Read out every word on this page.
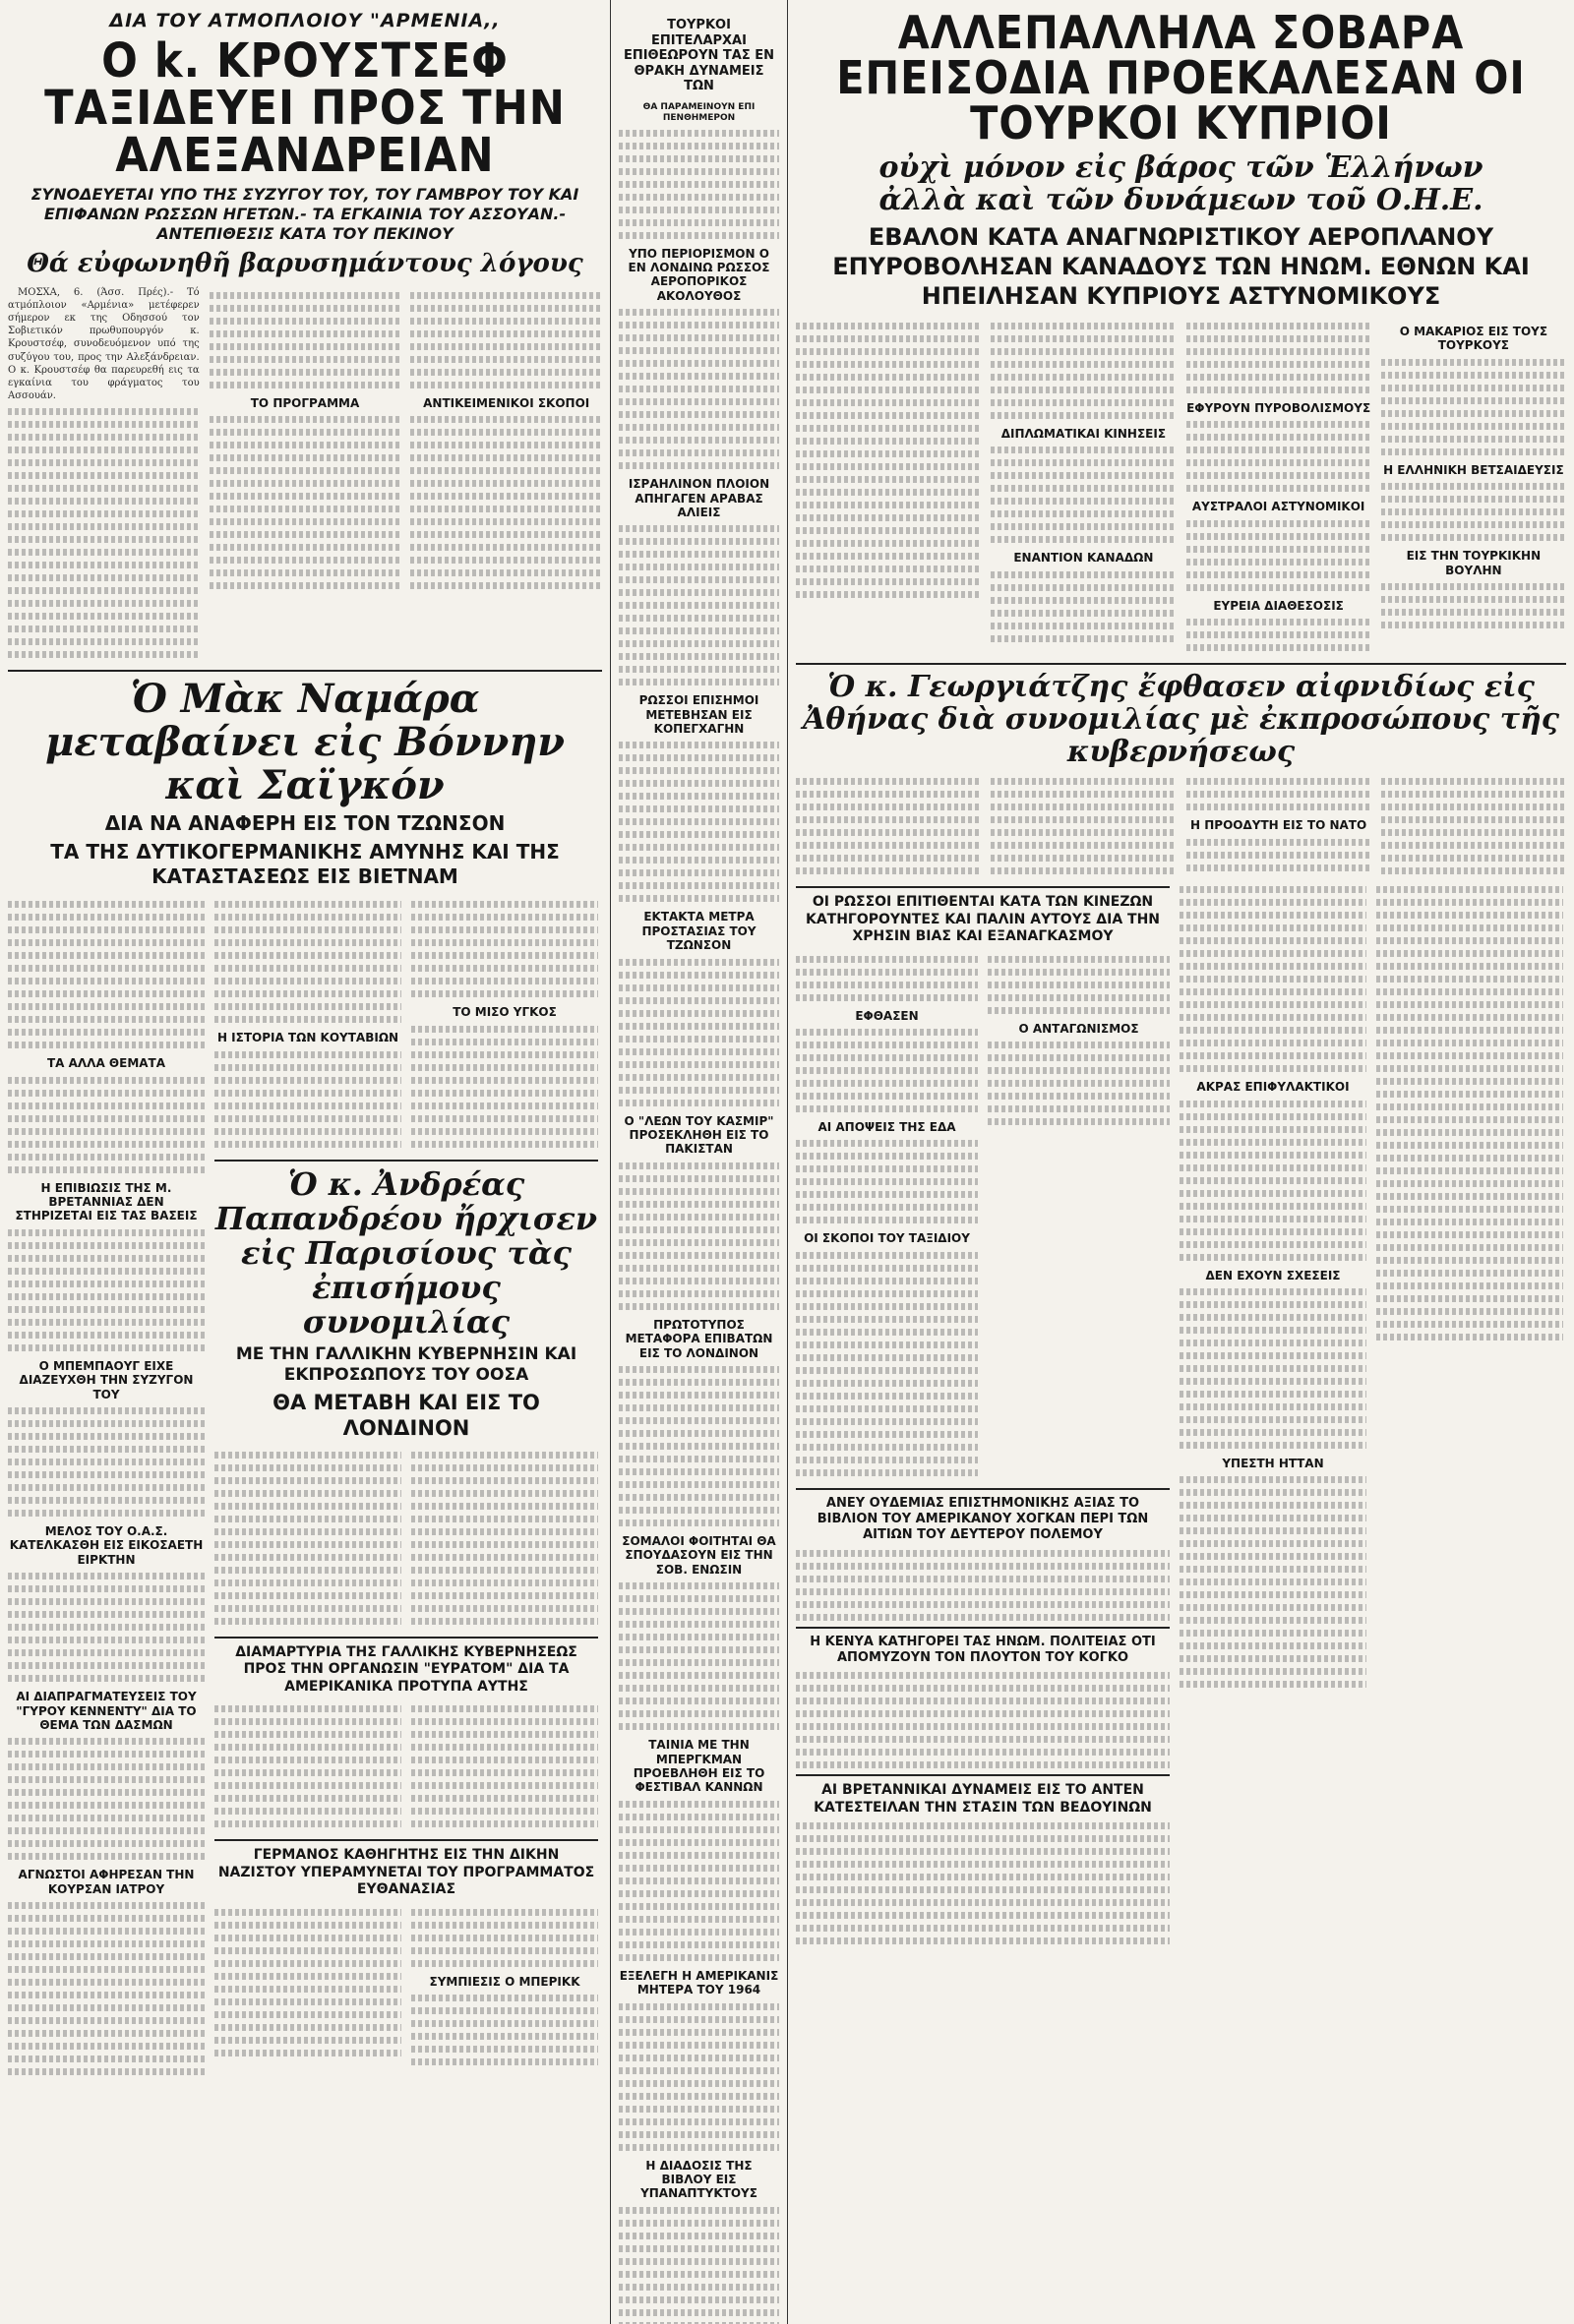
ΔΙΑ ΤΟΥ ΑΤΜΟΠΛΟΙΟΥ "ΑΡΜΕΝΙΑ,,
Ο k. ΚΡΟΥΣΤΣΕΦ ΤΑΞΙΔΕΥΕΙ ΠΡΟΣ ΤΗΝ ΑΛΕΞΑΝΔΡΕΙΑΝ
ΣΥΝΟΔΕΥΕΤΑΙ ΥΠΟ ΤΗΣ ΣΥΖΥΓΟΥ ΤΟΥ, ΤΟΥ ΓΑΜΒΡΟΥ ΤΟΥ ΚΑΙ ΕΠΙΦΑΝΩΝ ΡΩΣΣΩΝ ΗΓΕΤΩΝ.- ΤΑ ΕΓΚΑΙΝΙΑ ΤΟΥ ΑΣΣΟΥΑΝ.- ΑΝΤΕΠΙΘΕΣΙΣ ΚΑΤΑ ΤΟΥ ΠΕΚΙΝΟΥ
Θά εὐφωνηθῆ βαρυσημάντους λόγους

ΜΟΣΧΑ, 6. (Άσσ. Πρές).- Τό ατμόπλοιον «Αρμένια» μετέφερεν σήμερον εκ της Οδησσού τον Σοβιετικόν πρωθυπουργόν κ. Κρουστσέφ, συνοδευόμενον υπό της συζύγου του, προς την Αλεξάνδρειαν. Ο κ. Κρουστσέφ θα παρευρεθή εις τα εγκαίνια του φράγματος του Ασσουάν.	ΤΟ ΠΡΟΓΡΑΜΜΑ	ΑΝΤΙΚΕΙΜΕΝΙΚΟΙ ΣΚΟΠΟΙ
Ὁ Μὰκ Ναμάρα μεταβαίνει εἰς Βόννην καὶ Σαϊγκόν
ΔΙΑ ΝΑ ΑΝΑΦΕΡΗ ΕΙΣ ΤΟΝ ΤΖΩΝΣΟΝ
ΤΑ ΤΗΣ ΔΥΤΙΚΟΓΕΡΜΑΝΙΚΗΣ ΑΜΥΝΗΣ ΚΑΙ ΤΗΣ ΚΑΤΑΣΤΑΣΕΩΣ ΕΙΣ ΒΙΕΤΝΑΜ
ΤΑ ΑΛΛΑ ΘΕΜΑΤΑ
Η ΕΠΙΒΙΩΣΙΣ ΤΗΣ Μ. ΒΡΕΤΑΝΝΙΑΣ ΔΕΝ ΣΤΗΡΙΖΕΤΑΙ ΕΙΣ ΤΑΣ ΒΑΣΕΙΣ
Ο ΜΠΕΜΠΑΟΥΓ ΕΙΧΕ ΔΙΑΖΕΥΧΘΗ ΤΗΝ ΣΥΖΥΓΟΝ ΤΟΥ
ΜΕΛΟΣ ΤΟΥ Ο.Α.Σ. ΚΑΤΕΛΚΑΣΘΗ ΕΙΣ ΕΙΚΟΣΑΕΤΗ ΕΙΡΚΤΗΝ
ΑΙ ΔΙΑΠΡΑΓΜΑΤΕΥΣΕΙΣ ΤΟΥ "ΓΥΡΟΥ ΚΕΝΝΕΝΤΥ" ΔΙΑ ΤΟ ΘΕΜΑ ΤΩΝ ΔΑΣΜΩΝ
ΑΓΝΩΣΤΟΙ ΑΦΗΡΕΣΑΝ ΤΗΝ ΚΟΥΡΣΑΝ ΙΑΤΡΟΥ
Η ΙΣΤΟΡΙΑ ΤΩΝ ΚΟΥΤΑΒΙΩΝ
ΤΟ ΜΙΣΟ ΥΓΚΟΣ
Ὁ κ. Ἀνδρέας Παπανδρέου ἤρχισεν εἰς Παρισίους τὰς ἐπισήμους συνομιλίας
ΜΕ ΤΗΝ ΓΑΛΛΙΚΗΝ ΚΥΒΕΡΝΗΣΙΝ ΚΑΙ ΕΚΠΡΟΣΩΠΟΥΣ ΤΟΥ ΟΟΣΑ
ΘΑ ΜΕΤΑΒΗ ΚΑΙ ΕΙΣ ΤΟ ΛΟΝΔΙΝΟΝ
ΔΙΑΜΑΡΤΥΡΙΑ ΤΗΣ ΓΑΛΛΙΚΗΣ ΚΥΒΕΡΝΗΣΕΩΣ ΠΡΟΣ ΤΗΝ ΟΡΓΑΝΩΣΙΝ "ΕΥΡΑΤΟΜ" ΔΙΑ ΤΑ ΑΜΕΡΙΚΑΝΙΚΑ ΠΡΟΤΥΠΑ ΑΥΤΗΣ
ΓΕΡΜΑΝΟΣ ΚΑΘΗΓΗΤΗΣ ΕΙΣ ΤΗΝ ΔΙΚΗΝ ΝΑΖΙΣΤΟΥ ΥΠΕΡΑΜΥΝΕΤΑΙ ΤΟΥ ΠΡΟΓΡΑΜΜΑΤΟΣ ΕΥΘΑΝΑΣΙΑΣ
ΣΥΜΠΙΕΣΙΣ Ο ΜΠΕΡΙΚΚ
ΤΟΥΡΚΟΙ ΕΠΙΤΕΛΑΡΧΑΙ ΕΠΙΘΕΩΡΟΥΝ ΤΑΣ ΕΝ ΘΡΑΚΗ ΔΥΝΑΜΕΙΣ ΤΩΝ
ΘΑ ΠΑΡΑΜΕΙΝΟΥΝ ΕΠΙ ΠΕΝΘΗΜΕΡΟΝ
ΥΠΟ ΠΕΡΙΟΡΙΣΜΟΝ Ο ΕΝ ΛΟΝΔΙΝΩ ΡΩΣΣΟΣ ΑΕΡΟΠΟΡΙΚΟΣ ΑΚΟΛΟΥΘΟΣ
ΙΣΡΑΗΛΙΝΟΝ ΠΛΟΙΟΝ ΑΠΗΓΑΓΕΝ ΑΡΑΒΑΣ ΑΛΙΕΙΣ
ΡΩΣΣΟΙ ΕΠΙΣΗΜΟΙ ΜΕΤΕΒΗΣΑΝ ΕΙΣ ΚΟΠΕΓΧΑΓΗΝ
ΕΚΤΑΚΤΑ ΜΕΤΡΑ ΠΡΟΣΤΑΣΙΑΣ ΤΟΥ ΤΖΩΝΣΟΝ
Ο "ΛΕΩΝ ΤΟΥ ΚΑΣΜΙΡ" ΠΡΟΣΕΚΛΗΘΗ ΕΙΣ ΤΟ ΠΑΚΙΣΤΑΝ
ΠΡΩΤΟΤΥΠΟΣ ΜΕΤΑΦΟΡΑ ΕΠΙΒΑΤΩΝ ΕΙΣ ΤΟ ΛΟΝΔΙΝΟΝ
ΣΟΜΑΛΟΙ ΦΟΙΤΗΤΑΙ ΘΑ ΣΠΟΥΔΑΣΟΥΝ ΕΙΣ ΤΗΝ ΣΟΒ. ΕΝΩΣΙΝ
ΤΑΙΝΙΑ ΜΕ ΤΗΝ ΜΠΕΡΓΚΜΑΝ ΠΡΟΕΒΛΗΘΗ ΕΙΣ ΤΟ ΦΕΣΤΙΒΑΛ ΚΑΝΝΩΝ
ΕΞΕΛΕΓΗ Η ΑΜΕΡΙΚΑΝΙΣ ΜΗΤΕΡΑ ΤΟΥ 1964
Η ΔΙΑΔΟΣΙΣ ΤΗΣ ΒΙΒΛΟΥ ΕΙΣ ΥΠΑΝΑΠΤΥΚΤΟΥΣ
ΑΛΛΕΠΑΛΛΗΛΑ ΣΟΒΑΡΑ ΕΠΕΙΣΟΔΙΑ ΠΡΟΕΚΑΛΕΣΑΝ ΟΙ ΤΟΥΡΚΟΙ ΚΥΠΡΙΟΙ
οὐχὶ μόνον εἰς βάρος τῶν Ἑλλήνων
ἀλλὰ καὶ τῶν δυνάμεων τοῦ Ο.Η.Ε.
ΕΒΑΛΟΝ ΚΑΤΑ ΑΝΑΓΝΩΡΙΣΤΙΚΟΥ ΑΕΡΟΠΛΑΝΟΥ ΕΠΥΡΟΒΟΛΗΣΑΝ ΚΑΝΑΔΟΥΣ ΤΩΝ ΗΝΩΜ. ΕΘΝΩΝ ΚΑΙ ΗΠΕΙΛΗΣΑΝ ΚΥΠΡΙΟΥΣ ΑΣΤΥΝΟΜΙΚΟΥΣ
ΔΙΠΛΩΜΑΤΙΚΑΙ ΚΙΝΗΣΕΙΣ
ΕΝΑΝΤΙΟΝ ΚΑΝΑΔΩΝ
ΕΦΥΡΟΥΝ ΠΥΡΟΒΟΛΙΣΜΟΥΣ
ΑΥΣΤΡΑΛΟΙ ΑΣΤΥΝΟΜΙΚΟΙ
ΕΥΡΕΙΑ ΔΙΑΘΕΣΟΣΙΣ
Ο ΜΑΚΑΡΙΟΣ ΕΙΣ ΤΟΥΣ ΤΟΥΡΚΟΥΣ
Η ΕΛΛΗΝΙΚΗ ΒΕΤΣΑΙΔΕΥΣΙΣ
ΕΙΣ ΤΗΝ ΤΟΥΡΚΙΚΗΝ ΒΟΥΛΗΝ
Ὁ κ. Γεωργιάτζης ἔφθασεν αἰφνιδίως εἰς Ἀθήνας διὰ συνομιλίας μὲ ἐκπροσώπους τῆς κυβερνήσεως
Η ΠΡΟΟΔΥΤΗ ΕΙΣ ΤΟ ΝΑΤΟ
ΟΙ ΡΩΣΣΟΙ ΕΠΙΤΙΘΕΝΤΑΙ ΚΑΤΑ ΤΩΝ ΚΙΝΕΖΩΝ ΚΑΤΗΓΟΡΟΥΝΤΕΣ ΚΑΙ ΠΑΛΙΝ ΑΥΤΟΥΣ ΔΙΑ ΤΗΝ ΧΡΗΣΙΝ ΒΙΑΣ ΚΑΙ ΕΞΑΝΑΓΚΑΣΜΟΥ
ΕΦΘΑΣΕΝ
ΑΙ ΑΠΟΨΕΙΣ ΤΗΣ ΕΔΑ
ΟΙ ΣΚΟΠΟΙ ΤΟΥ ΤΑΞΙΔΙΟΥ
Ο ΑΝΤΑΓΩΝΙΣΜΟΣ
ΑΝΕΥ ΟΥΔΕΜΙΑΣ ΕΠΙΣΤΗΜΟΝΙΚΗΣ ΑΞΙΑΣ ΤΟ ΒΙΒΛΙΟΝ ΤΟΥ ΑΜΕΡΙΚΑΝΟΥ ΧΟΓΚΑΝ ΠΕΡΙ ΤΩΝ ΑΙΤΙΩΝ ΤΟΥ ΔΕΥΤΕΡΟΥ ΠΟΛΕΜΟΥ
Η ΚΕΝΥΑ ΚΑΤΗΓΟΡΕΙ ΤΑΣ ΗΝΩΜ. ΠΟΛΙΤΕΙΑΣ ΟΤΙ ΑΠΟΜΥΖΟΥΝ ΤΟΝ ΠΛΟΥΤΟΝ ΤΟΥ ΚΟΓΚΟ
ΑΙ ΒΡΕΤΑΝΝΙΚΑΙ ΔΥΝΑΜΕΙΣ ΕΙΣ ΤΟ ΑΝΤΕΝ ΚΑΤΕΣΤΕΙΛΑΝ ΤΗΝ ΣΤΑΣΙΝ ΤΩΝ ΒΕΔΟΥΙΝΩΝ
ΑΚΡΑΣ ΕΠΙΦΥΛΑΚΤΙΚΟΙ
ΔΕΝ ΕΧΟΥΝ ΣΧΕΣΕΙΣ
ΥΠΕΣΤΗ ΗΤΤΑΝ
